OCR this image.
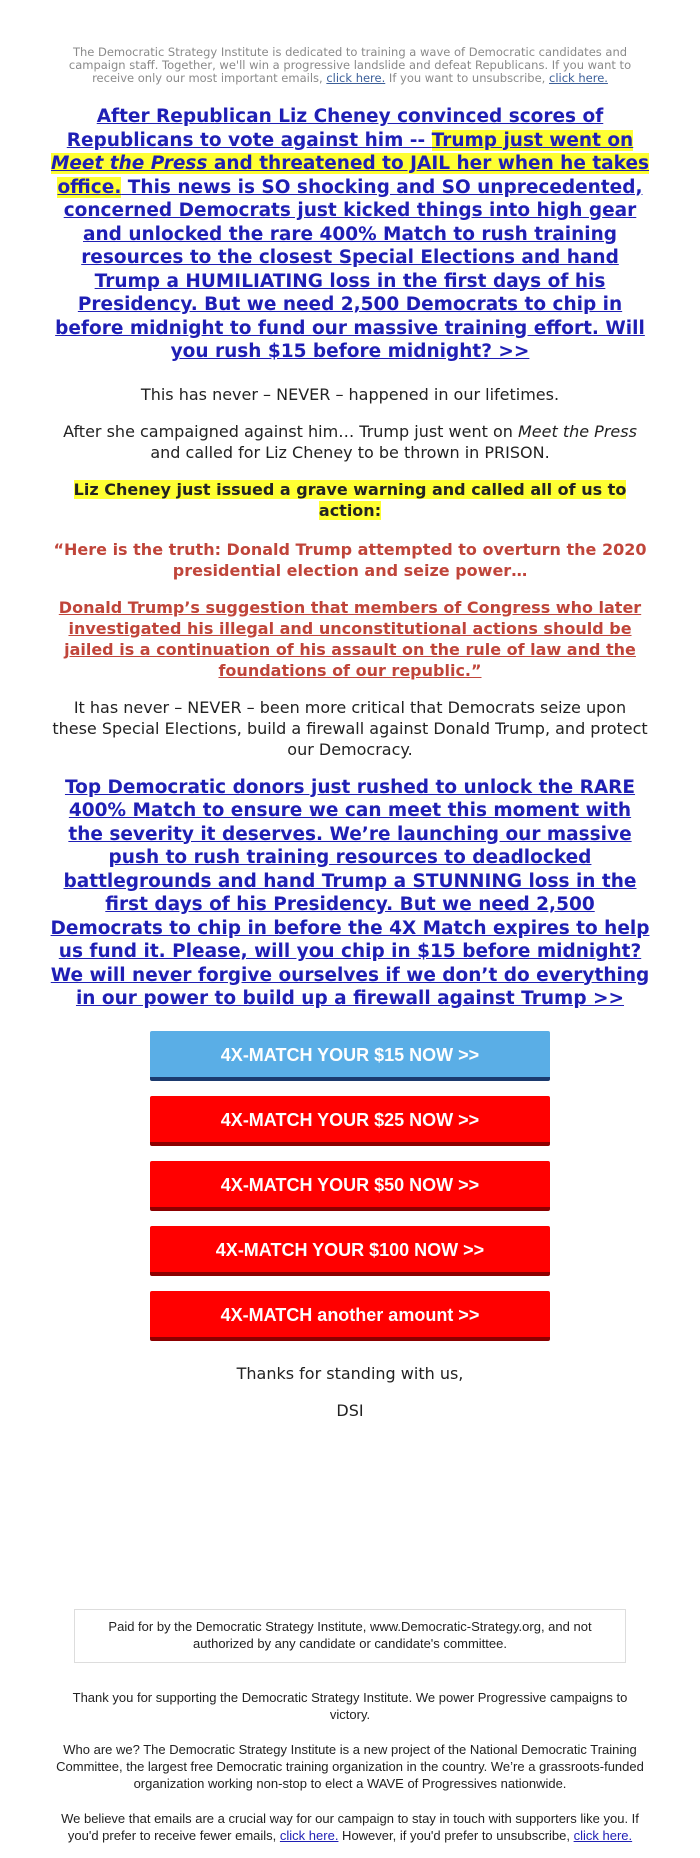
The Democratic Strategy Institute is dedicated to training a wave of Democratic candidates and campaign staff. Together, we'll win a progressive landslide and defeat Republicans. If you want to receive only our most important emails, click here. If you want to unsubscribe, click here.

After Republican Liz Cheney convinced scores of Republicans to vote against him -- Trump just went on Meet the Press and threatened to JAIL her when he takes office. This news is SO shocking and SO unprecedented, concerned Democrats just kicked things into high gear and unlocked the rare 400% Match to rush training resources to the closest Special Elections and hand Trump a HUMILIATING loss in the first days of his Presidency. But we need 2,500 Democrats to chip in before midnight to fund our massive training effort. Will you rush $15 before midnight? >>

This has never – NEVER – happened in our lifetimes.

After she campaigned against him… Trump just went on Meet the Press and called for Liz Cheney to be thrown in PRISON.

Liz Cheney just issued a grave warning and called all of us to action:

“Here is the truth: Donald Trump attempted to overturn the 2020 presidential election and seize power…

Donald Trump’s suggestion that members of Congress who later investigated his illegal and unconstitutional actions should be jailed is a continuation of his assault on the rule of law and the foundations of our republic.”

It has never – NEVER – been more critical that Democrats seize upon these Special Elections, build a firewall against Donald Trump, and protect our Democracy.

Top Democratic donors just rushed to unlock the RARE 400% Match to ensure we can meet this moment with the severity it deserves. We’re launching our massive push to rush training resources to deadlocked battlegrounds and hand Trump a STUNNING loss in the first days of his Presidency. But we need 2,500 Democrats to chip in before the 4X Match expires to help us fund it. Please, will you chip in $15 before midnight? We will never forgive ourselves if we don’t do everything in our power to build up a firewall against Trump >>

4X-MATCH YOUR $15 NOW >>
4X-MATCH YOUR $25 NOW >>
4X-MATCH YOUR $50 NOW >>
4X-MATCH YOUR $100 NOW >>
4X-MATCH another amount >>

Thanks for standing with us,

DSI

Paid for by the Democratic Strategy Institute, www.Democratic-Strategy.org, and not authorized by any candidate or candidate's committee.

Thank you for supporting the Democratic Strategy Institute. We power Progressive campaigns to victory.

Who are we? The Democratic Strategy Institute is a new project of the National Democratic Training Committee, the largest free Democratic training organization in the country. We’re a grassroots-funded organization working non-stop to elect a WAVE of Progressives nationwide.

We believe that emails are a crucial way for our campaign to stay in touch with supporters like you. If you'd prefer to receive fewer emails, click here. However, if you'd prefer to unsubscribe, click here.
